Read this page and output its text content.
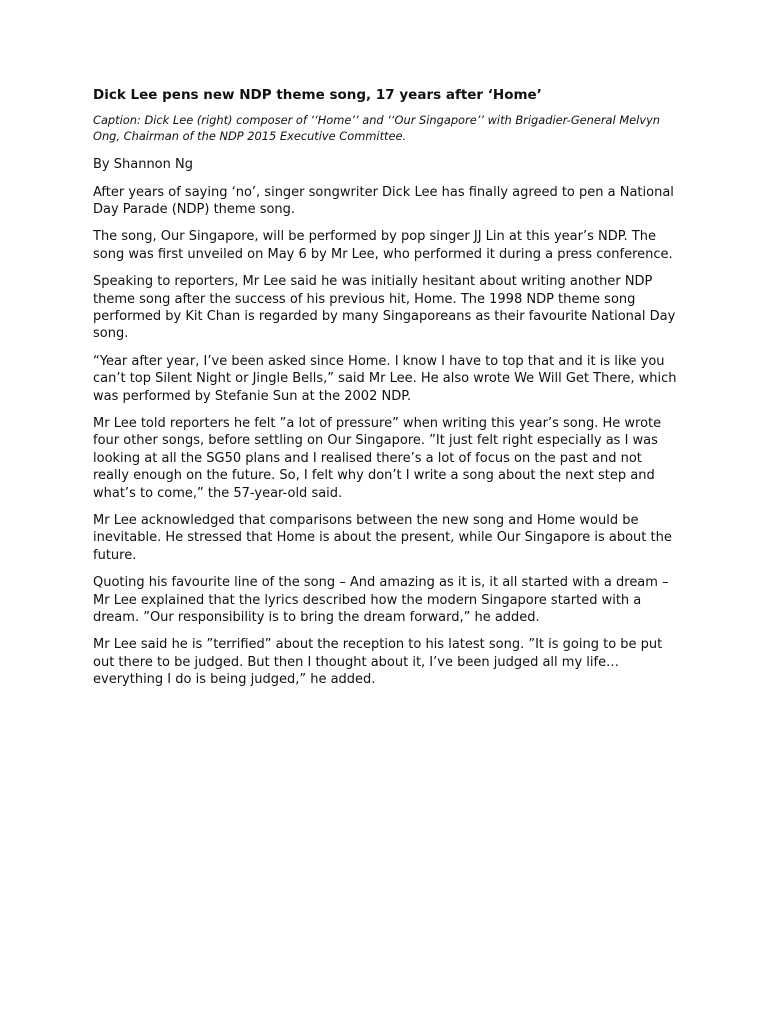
Dick Lee pens new NDP theme song, 17 years after ‘Home’

Caption: Dick Lee (right) composer of ‘‘Home’’ and ‘‘Our Singapore’’ with Brigadier-General Melvyn Ong, Chairman of the NDP 2015 Executive Committee.

By Shannon Ng

After years of saying ‘no’, singer songwriter Dick Lee has finally agreed to pen a National Day Parade (NDP) theme song.

The song, Our Singapore, will be performed by pop singer JJ Lin at this year’s NDP. The song was first unveiled on May 6 by Mr Lee, who performed it during a press conference.

Speaking to reporters, Mr Lee said he was initially hesitant about writing another NDP theme song after the success of his previous hit, Home. The 1998 NDP theme song performed by Kit Chan is regarded by many Singaporeans as their favourite National Day song.

“Year after year, I’ve been asked since Home. I know I have to top that and it is like you can’t top Silent Night or Jingle Bells,” said Mr Lee. He also wrote We Will Get There, which was performed by Stefanie Sun at the 2002 NDP.

Mr Lee told reporters he felt ”a lot of pressure” when writing this year’s song. He wrote four other songs, before settling on Our Singapore. ”It just felt right especially as I was looking at all the SG50 plans and I realised there’s a lot of focus on the past and not really enough on the future. So, I felt why don’t I write a song about the next step and what’s to come,” the 57-year-old said.

Mr Lee acknowledged that comparisons between the new song and Home would be inevitable. He stressed that Home is about the present, while Our Singapore is about the future.

Quoting his favourite line of the song – And amazing as it is, it all started with a dream – Mr Lee explained that the lyrics described how the modern Singapore started with a dream. ”Our responsibility is to bring the dream forward,” he added.

Mr Lee said he is ”terrified” about the reception to his latest song. ”It is going to be put out there to be judged. But then I thought about it, I’ve been judged all my life…everything I do is being judged,” he added.
